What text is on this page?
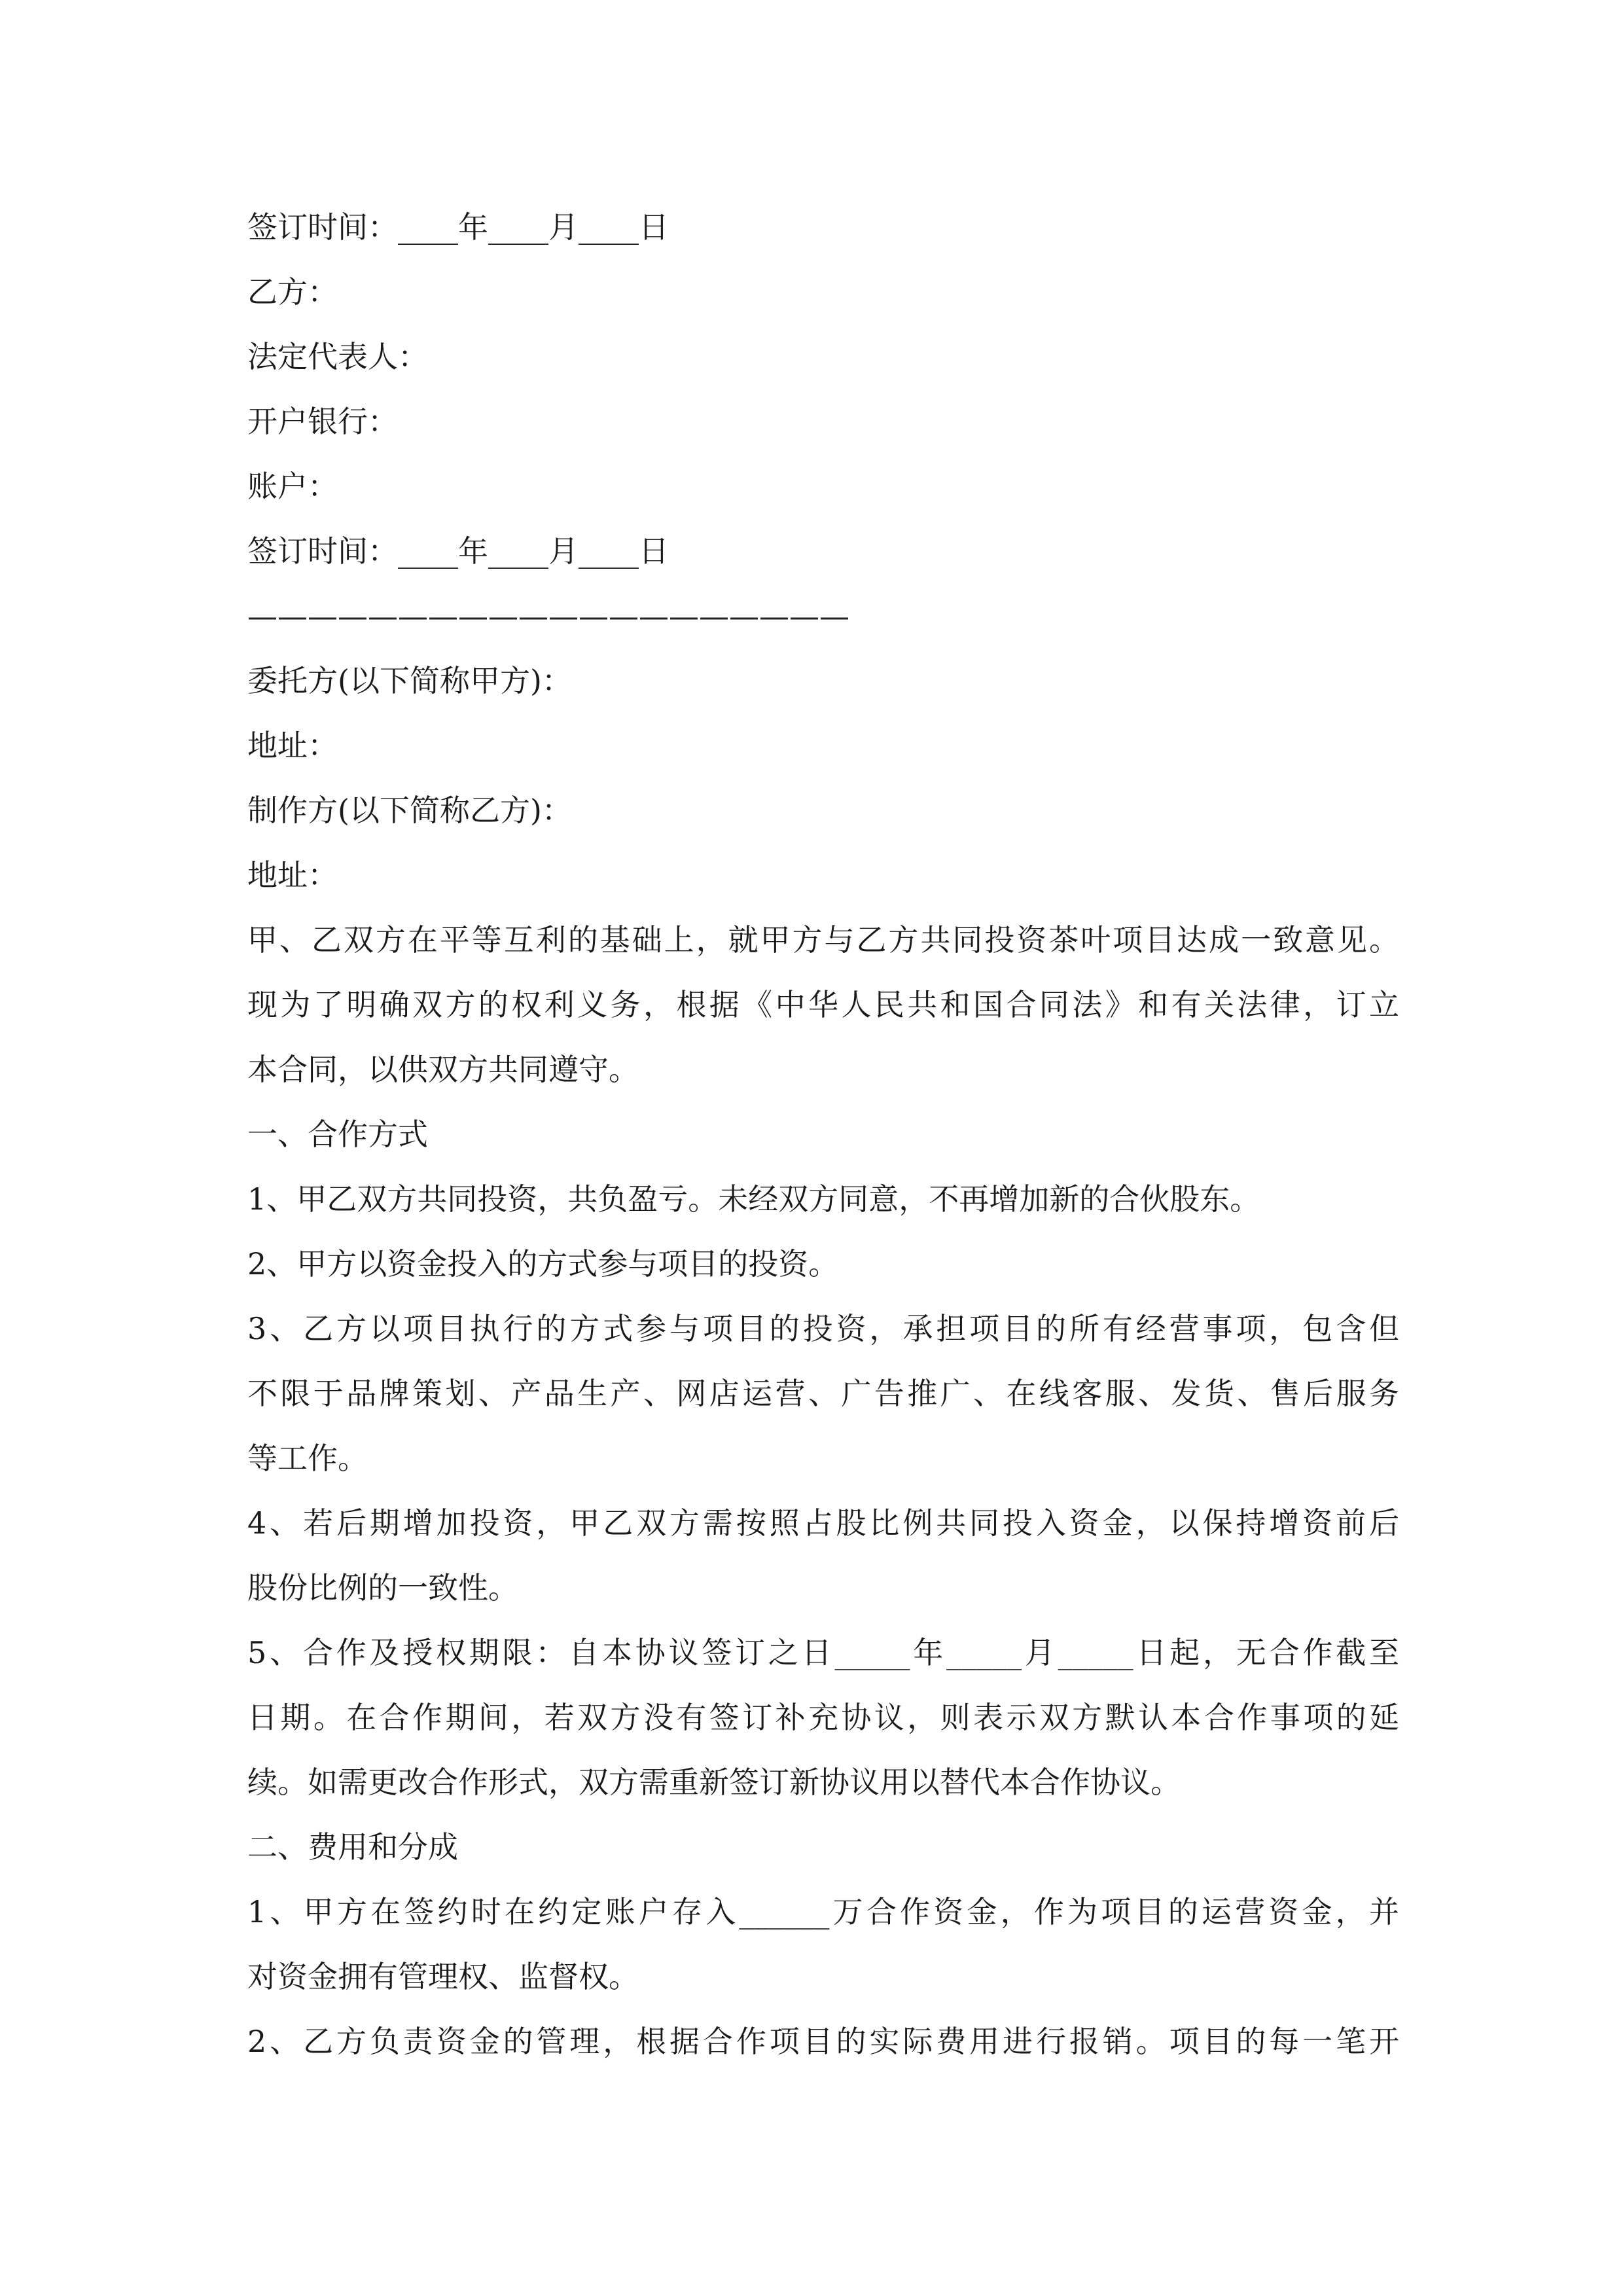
签订时间：____年____月____日
乙方：
法定代表人：
开户银行：
账户：
签订时间：____年____月____日
————————————————————
委托方(以下简称甲方)：
地址：
制作方(以下简称乙方)：
地址：
甲、乙双方在平等互利的基础上，就甲方与乙方共同投资茶叶项目达成一致意见。
现为了明确双方的权利义务，根据《中华人民共和国合同法》和有关法律，订立
本合同，以供双方共同遵守。
一、合作方式
1、甲乙双方共同投资，共负盈亏。未经双方同意，不再增加新的合伙股东。
2、甲方以资金投入的方式参与项目的投资。
3、乙方以项目执行的方式参与项目的投资，承担项目的所有经营事项，包含但
不限于品牌策划、产品生产、网店运营、广告推广、在线客服、发货、售后服务
等工作。
4、若后期增加投资，甲乙双方需按照占股比例共同投入资金，以保持增资前后
股份比例的一致性。
5、合作及授权期限：自本协议签订之日_____年_____月_____日起，无合作截至
日期。在合作期间，若双方没有签订补充协议，则表示双方默认本合作事项的延
续。如需更改合作形式，双方需重新签订新协议用以替代本合作协议。
二、费用和分成
1、甲方在签约时在约定账户存入______万合作资金，作为项目的运营资金，并
对资金拥有管理权、监督权。
2、乙方负责资金的管理，根据合作项目的实际费用进行报销。项目的每一笔开
